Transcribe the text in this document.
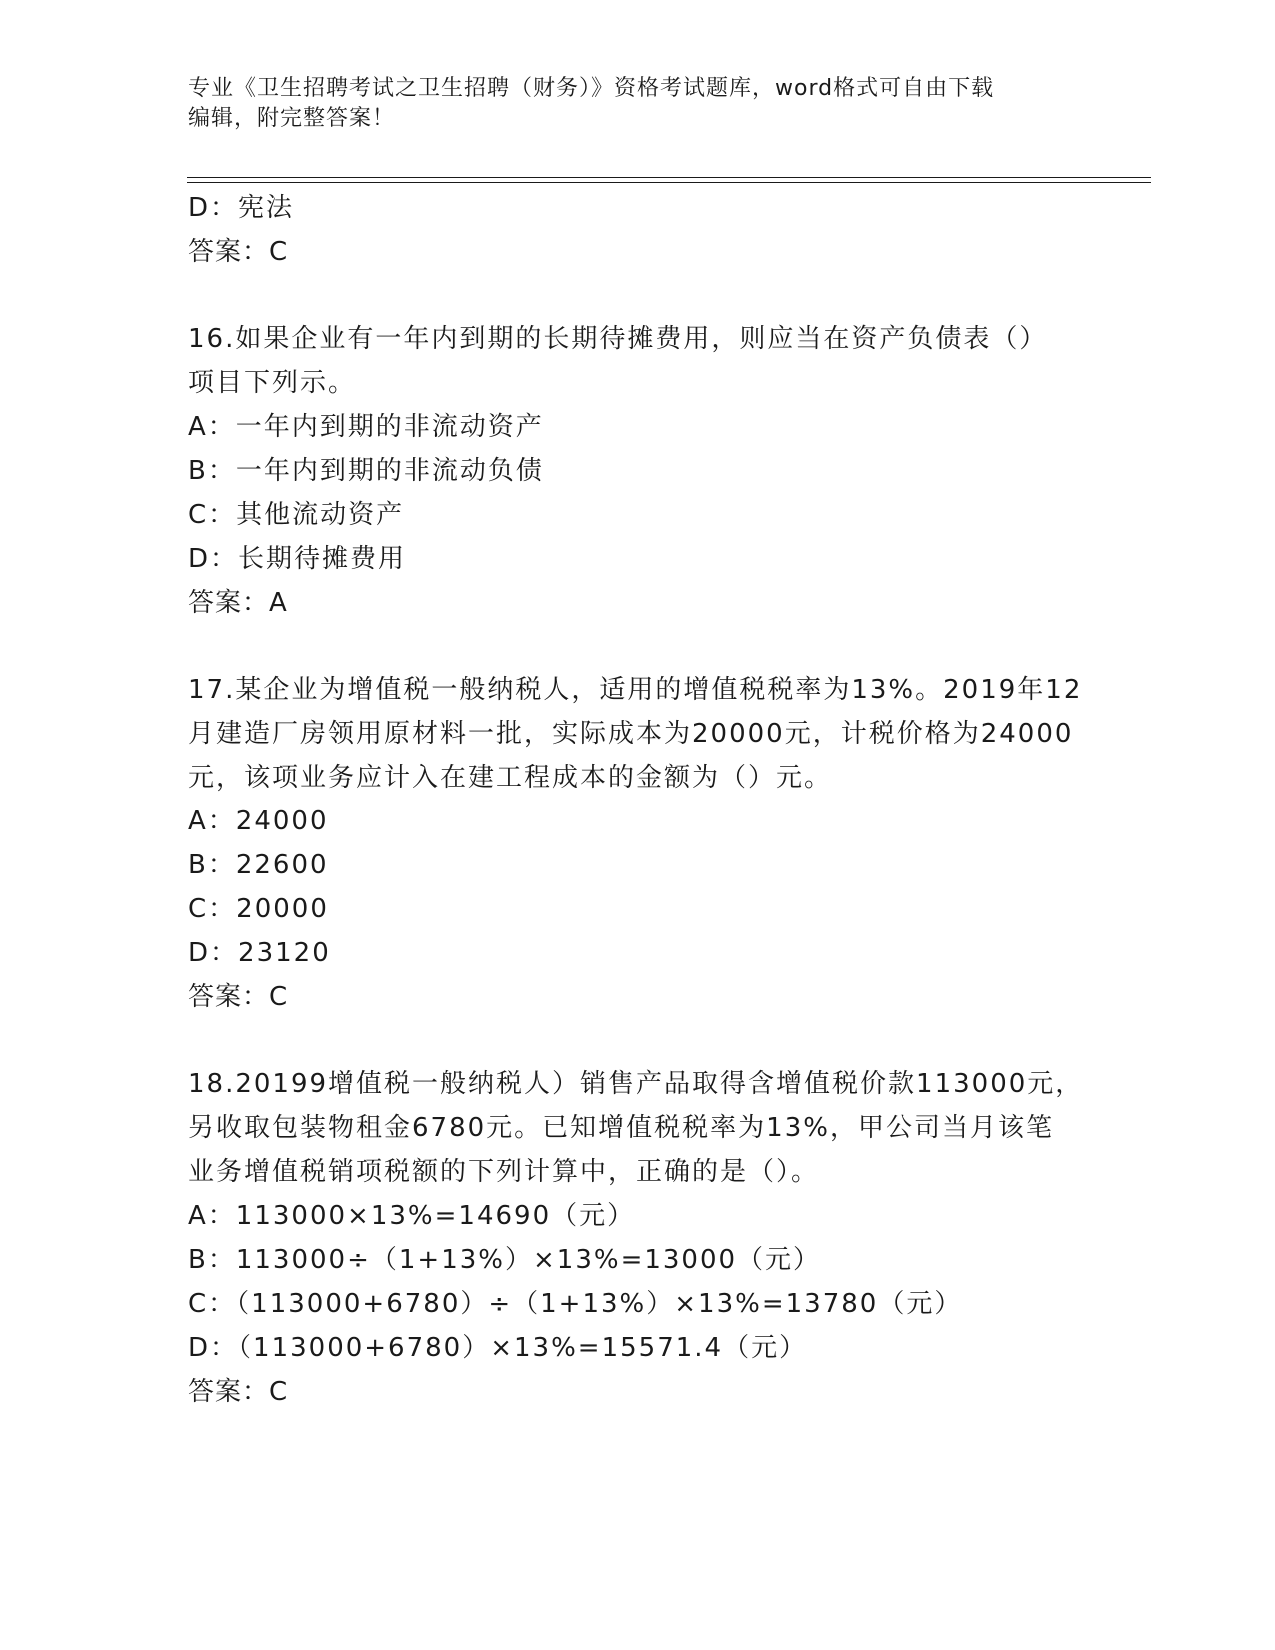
专业《卫生招聘考试之卫生招聘（财务）》资格考试题库，word格式可自由下载
编辑，附完整答案！
D：宪法
答案：C
16.如果企业有一年内到期的长期待摊费用，则应当在资产负债表（）
项目下列示。
A：一年内到期的非流动资产
B：一年内到期的非流动负债
C：其他流动资产
D：长期待摊费用
答案：A
17.某企业为增值税一般纳税人，适用的增值税税率为13%。2019年12
月建造厂房领用原材料一批，实际成本为20000元，计税价格为24000
元，该项业务应计入在建工程成本的金额为（）元。
A：24000
B：22600
C：20000
D：23120
答案：C
18.20199增值税一般纳税人）销售产品取得含增值税价款113000元，
另收取包装物租金6780元。已知增值税税率为13%，甲公司当月该笔
业务增值税销项税额的下列计算中，正确的是（）。
A：113000×13%=14690（元）
B：113000÷（1+13%）×13%=13000（元）
C：（113000+6780）÷（1+13%）×13%=13780（元）
D：（113000+6780）×13%=15571.4（元）
答案：C
